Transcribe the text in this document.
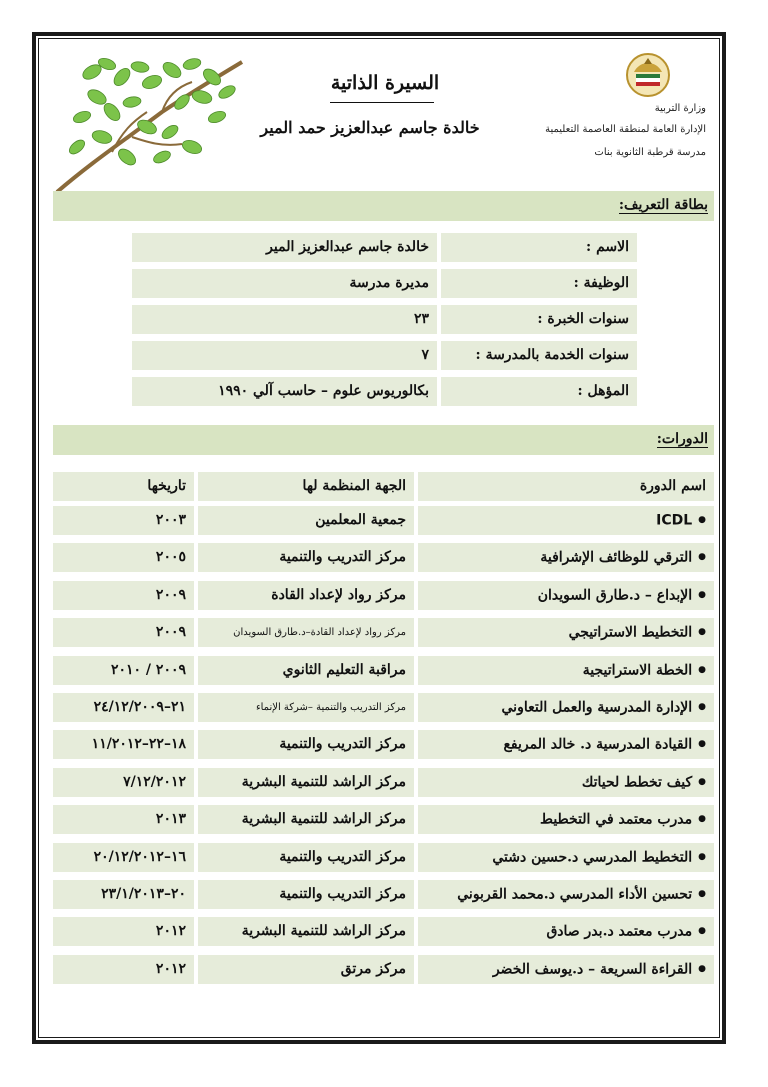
السيرة الذاتية
خالدة جاسم عبدالعزيز حمد المير
وزارة التربية
الإدارة العامة لمنطقة العاصمة التعليمية
مدرسة قرطبة الثانوية بنات
بطاقة التعريف:
الاسم :
خالدة جاسم عبدالعزيز المير
الوظيفة :
مديرة مدرسة
سنوات الخبرة :
٢٣
سنوات الخدمة بالمدرسة :
٧
المؤهل :
بكالوريوس علوم – حاسب آلي ١٩٩٠
الدورات:
اسم الدورة
الجهة المنظمة لها
تاريخها
● ICDL
جمعية المعلمين
٢٠٠٣
● الترقي للوظائف الإشرافية
مركز التدريب والتنمية
٢٠٠٥
● الإبداع – د.طارق السويدان
مركز رواد لإعداد القادة
٢٠٠٩
● التخطيط الاستراتيجي
مركز رواد لإعداد القادة–د.طارق السويدان
٢٠٠٩
● الخطة الاستراتيجية
مراقبة التعليم الثانوي
٢٠٠٩ / ٢٠١٠
● الإدارة المدرسية والعمل التعاوني
مركز التدريب والتنمية –شركة الإنماء
٢١–٢٤/١٢/٢٠٠٩
● القيادة المدرسية د. خالد المريفع
مركز التدريب والتنمية
١٨–٢٢–١١/٢٠١٢
● كيف تخطط لحياتك
مركز الراشد للتنمية البشرية
٧/١٢/٢٠١٢
● مدرب معتمد في التخطيط
مركز الراشد للتنمية البشرية
٢٠١٣
● التخطيط المدرسي د.حسين دشتي
مركز التدريب والتنمية
١٦–٢٠/١٢/٢٠١٢
● تحسين الأداء المدرسي د.محمد القربوني
مركز التدريب والتنمية
٢٠–٢٣/١/٢٠١٣
● مدرب معتمد د.بدر صادق
مركز الراشد للتنمية البشرية
٢٠١٢
● القراءة السريعة – د.يوسف الخضر
مركز مرتق
٢٠١٢
